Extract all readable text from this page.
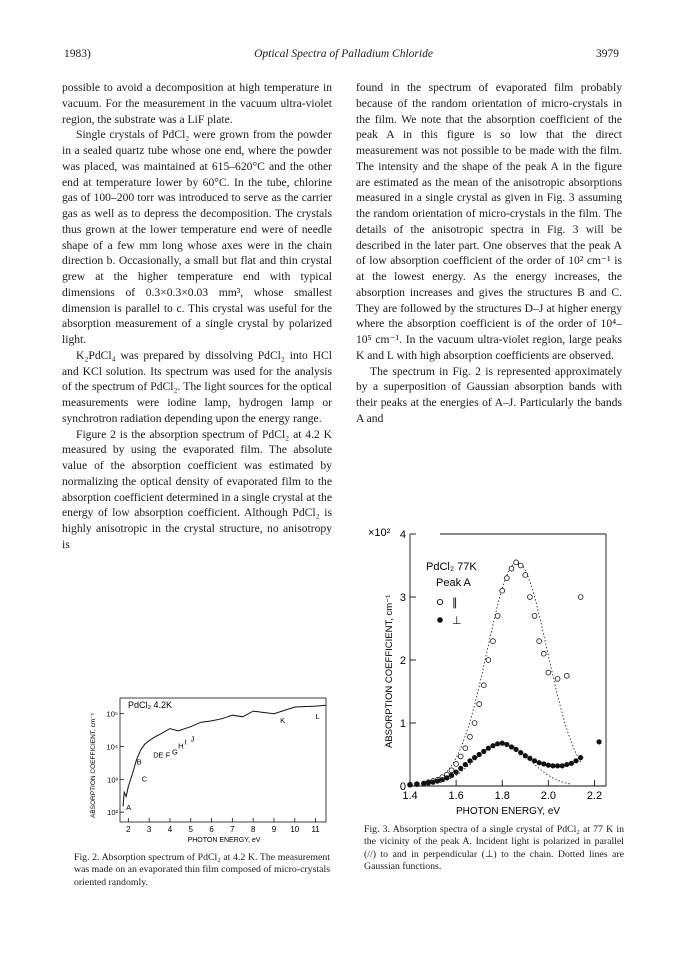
1983)	Optical Spectra of Palladium Chloride	3979

possible to avoid a decomposition at high temperature in vacuum. For the measurement in the vacuum ultra-violet region, the substrate was a LiF plate.

Single crystals of PdCl₂ were grown from the powder in a sealed quartz tube whose one end, where the powder was placed, was maintained at 615–620°C and the other end at temperature lower by 60°C. In the tube, chlorine gas of 100–200 torr was introduced to serve as the carrier gas as well as to depress the decomposition. The crystals thus grown at the lower temperature end were of needle shape of a few mm long whose axes were in the chain direction b. Occasionally, a small but flat and thin crystal grew at the higher temperature end with typical dimensions of 0.3×0.3×0.03 mm³, whose smallest dimension is parallel to c. This crystal was useful for the absorption measurement of a single crystal by polarized light.

K₂PdCl₄ was prepared by dissolving PdCl₂ into HCl and KCl solution. Its spectrum was used for the analysis of the spectrum of PdCl₂. The light sources for the optical measurements were iodine lamp, hydrogen lamp or synchrotron radiation depending upon the energy range.

Figure 2 is the absorption spectrum of PdCl₂ at 4.2 K measured by using the evaporated film. The absolute value of the absorption coefficient was estimated by normalizing the optical density of evaporated film to the absorption coefficient determined in a single crystal at the energy of low absorption coefficient. Although PdCl₂ is highly anisotropic in the crystal structure, no anisotropy is

found in the spectrum of evaporated film probably because of the random orientation of micro-crystals in the film. We note that the absorption coefficient of the peak A in this figure is so low that the direct measurement was not possible to be made with the film. The intensity and the shape of the peak A in the figure are estimated as the mean of the anisotropic absorptions measured in a single crystal as given in Fig. 3 assuming the random orientation of micro-crystals in the film. The details of the anisotropic spectra in Fig. 3 will be described in the later part. One observes that the peak A of low absorption coefficient of the order of 10² cm⁻¹ is at the lowest energy. As the energy increases, the absorption increases and gives the structures B and C. They are followed by the structures D–J at higher energy where the absorption coefficient is of the order of 10⁴–10⁵ cm⁻¹. In the vacuum ultra-violet region, large peaks K and L with high absorption coefficients are observed.

The spectrum in Fig. 2 is represented approximately by a superposition of Gaussian absorption bands with their peaks at the energies of A–J. Particularly the bands A and

10⁵
10⁴
10³
10²
2 3 4 5 6 7 8 9 10 11
A
B
C
D E F G
H I J
K	L
PdCl₂ 4.2K
ABSORPTION COEFFICIENT, cm⁻¹
PHOTON ENERGY, eV
Fig. 2. Absorption spectrum of PdCl₂ at 4.2 K. The measurement was made on an evaporated thin film composed of micro-crystals oriented randomly.
0
1
2
3
4
1.4	1.6	1.8	2.0	2.2
×10²
PdCl₂ 77K
Peak A
∥
⊥
ABSORPTION COEFFICIENT, cm⁻¹
PHOTON ENERGY, eV
Fig. 3. Absorption spectra of a single crystal of PdCl₂ at 77 K in the vicinity of the peak A. Incident light is polarized in parallel (//) to and in perpendicular (⊥) to the chain. Dotted lines are Gaussian functions.
